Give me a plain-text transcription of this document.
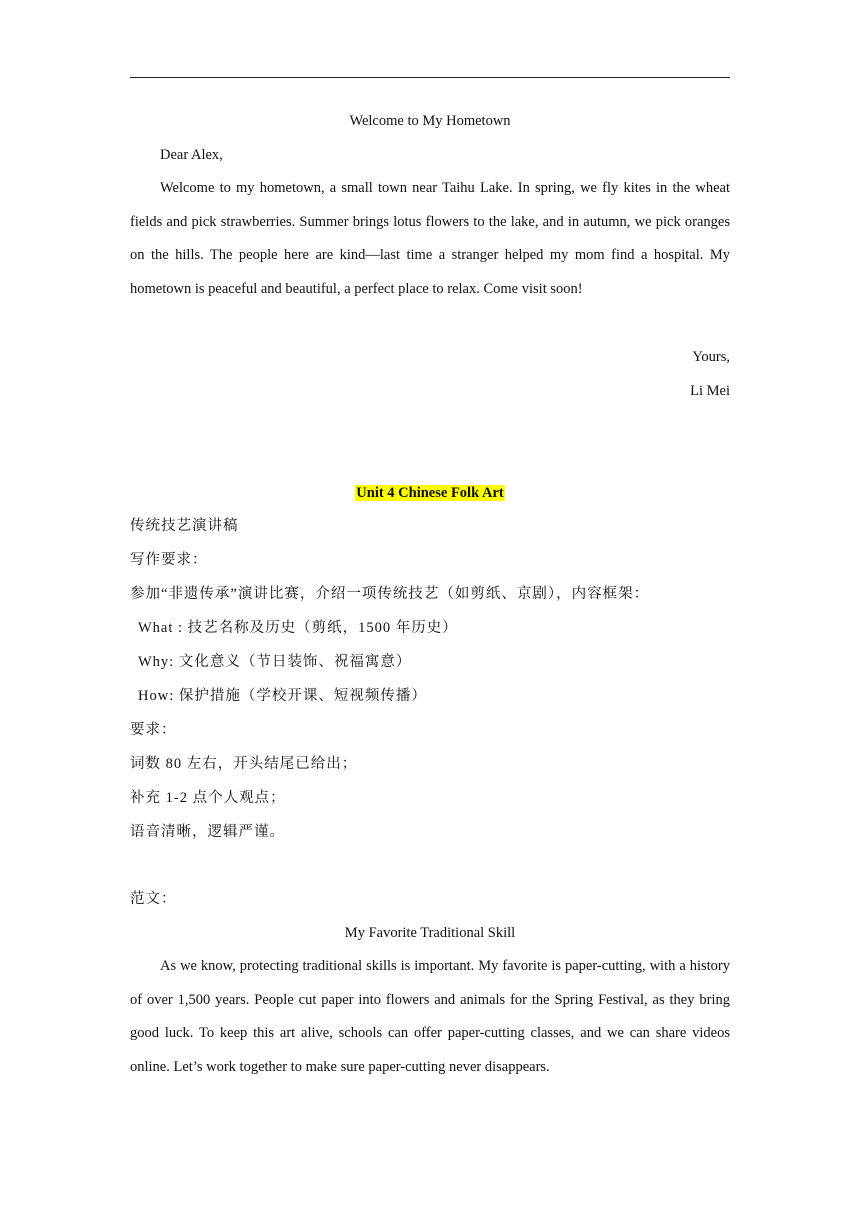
Welcome to My Hometown
Dear Alex,

Welcome to my hometown, a small town near Taihu Lake. In spring, we fly kites in the wheat fields and pick strawberries. Summer brings lotus flowers to the lake, and in autumn, we pick oranges on the hills. The people here are kind—last time a stranger helped my mom find a hospital. My hometown is peaceful and beautiful, a perfect place to relax. Come visit soon!

Yours,
Li Mei
Unit 4 Chinese Folk Art
传统技艺演讲稿
写作要求：
参加“非遗传承”演讲比赛，介绍一项传统技艺（如剪纸、京剧），内容框架：
What : 技艺名称及历史（剪纸，1500 年历史）
Why: 文化意义（节日装饰、祝福寓意）
How: 保护措施（学校开课、短视频传播）
要求：
词数 80 左右，开头结尾已给出；
补充 1-2 点个人观点；
语音清晰，逻辑严谨。
范文：
My Favorite Traditional Skill

As we know, protecting traditional skills is important. My favorite is paper-cutting, with a history of over 1,500 years. People cut paper into flowers and animals for the Spring Festival, as they bring good luck. To keep this art alive, schools can offer paper-cutting classes, and we can share videos online. Let’s work together to make sure paper-cutting never disappears.
